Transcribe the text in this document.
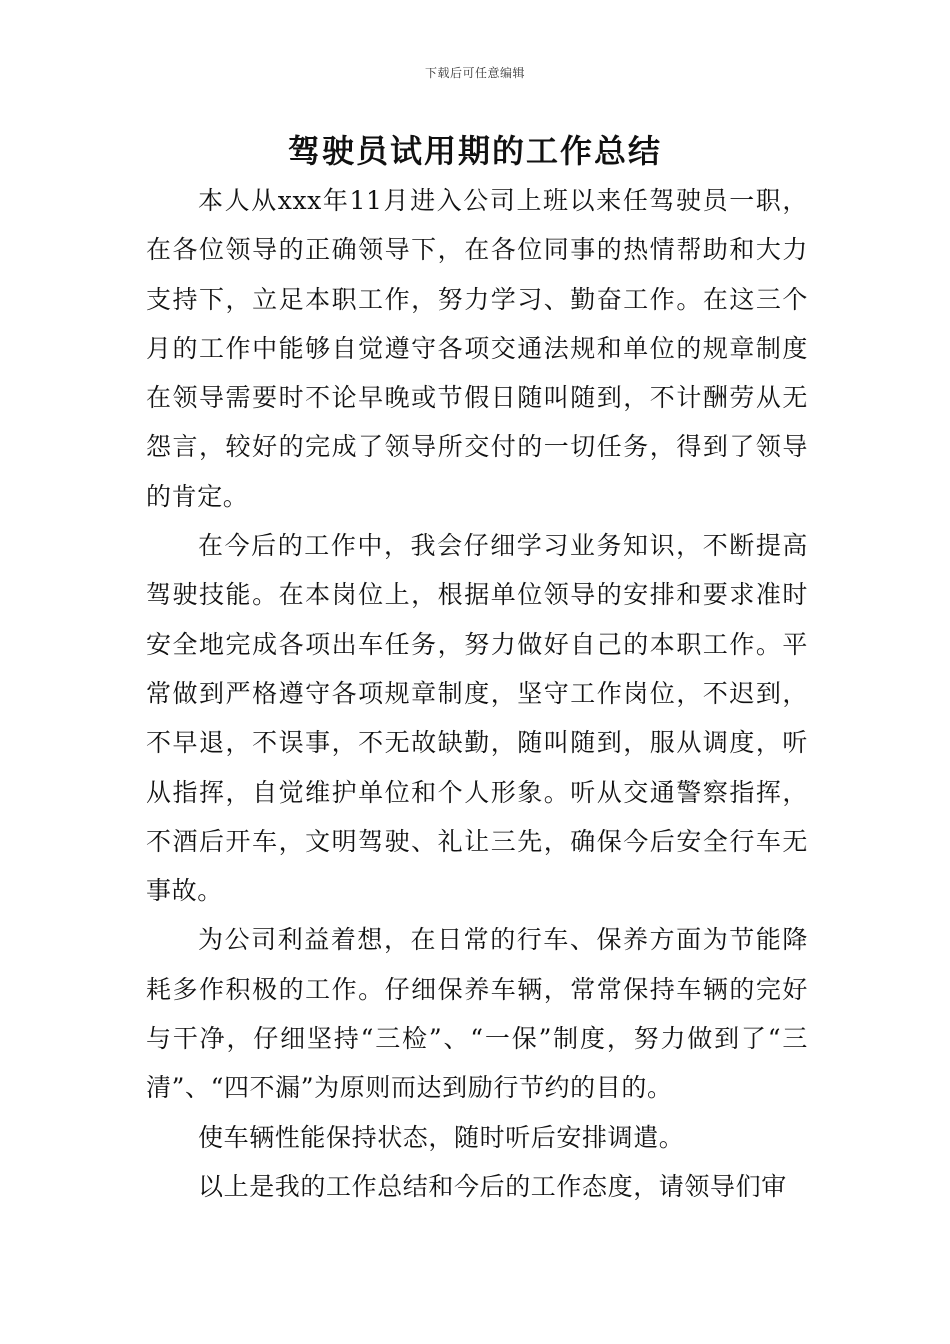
下载后可任意编辑
驾驶员试用期的工作总结

本人从xxx年11月进入公司上班以来任驾驶员一职，在各位领导的正确领导下，在各位同事的热情帮助和大力支持下，立足本职工作，努力学习、勤奋工作。在这三个月的工作中能够自觉遵守各项交通法规和单位的规章制度在领导需要时不论早晚或节假日随叫随到，不计酬劳从无怨言，较好的完成了领导所交付的一切任务，得到了领导的肯定。

在今后的工作中，我会仔细学习业务知识，不断提高驾驶技能。在本岗位上，根据单位领导的安排和要求准时安全地完成各项出车任务，努力做好自己的本职工作。平常做到严格遵守各项规章制度，坚守工作岗位，不迟到，不早退，不误事，不无故缺勤，随叫随到，服从调度，听从指挥，自觉维护单位和个人形象。听从交通警察指挥，不酒后开车，文明驾驶、礼让三先，确保今后安全行车无事故。

为公司利益着想，在日常的行车、保养方面为节能降耗多作积极的工作。仔细保养车辆，常常保持车辆的完好与干净，仔细坚持“三检”、“一保”制度，努力做到了“三清”、“四不漏”为原则而达到励行节约的目的。

使车辆性能保持状态，随时听后安排调遣。

以上是我的工作总结和今后的工作态度，请领导们审
